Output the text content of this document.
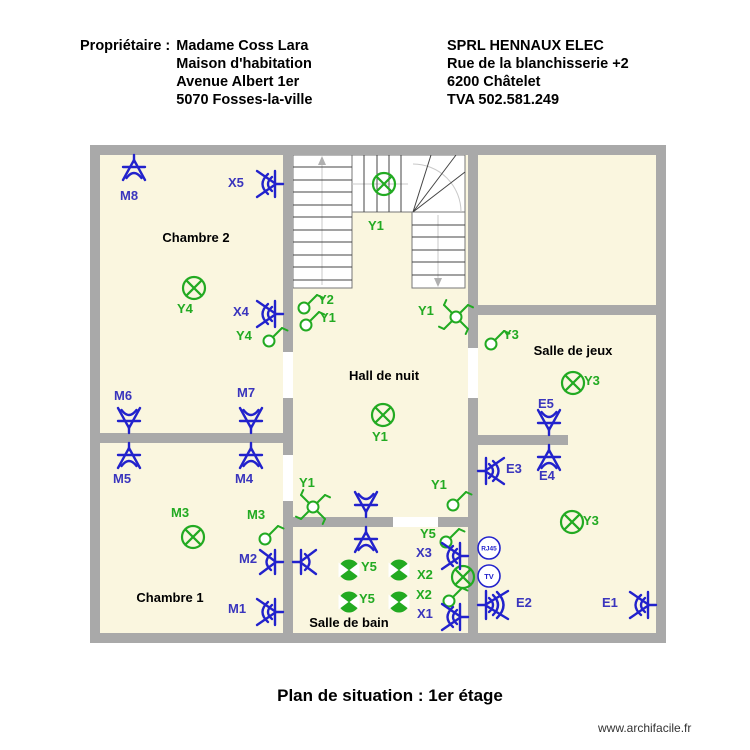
Propriétaire : Madame Coss Lara
Maison d'habitation
Avenue Albert 1er
5070 Fosses-la-ville
SPRL HENNAUX ELEC
Rue de la blanchisserie +2
6200 Châtelet
TVA 502.581.249
RJ45
TV
Chambre 2
Hall de nuit
Salle de jeux
Chambre 1
Salle de bain
M8
X5
X4
M6	M7
M5	M4
M2
M1
X3
X1
E5
E4
E3
E2	E1
Y4
Y4
Y2
Y1
Y1
Y1
Y3
Y3
Y3
Y1
Y1	Y1
M3	M3
Y5
X2
X2
Y5
Y5
Plan de situation : 1er étage
www.archifacile.fr
